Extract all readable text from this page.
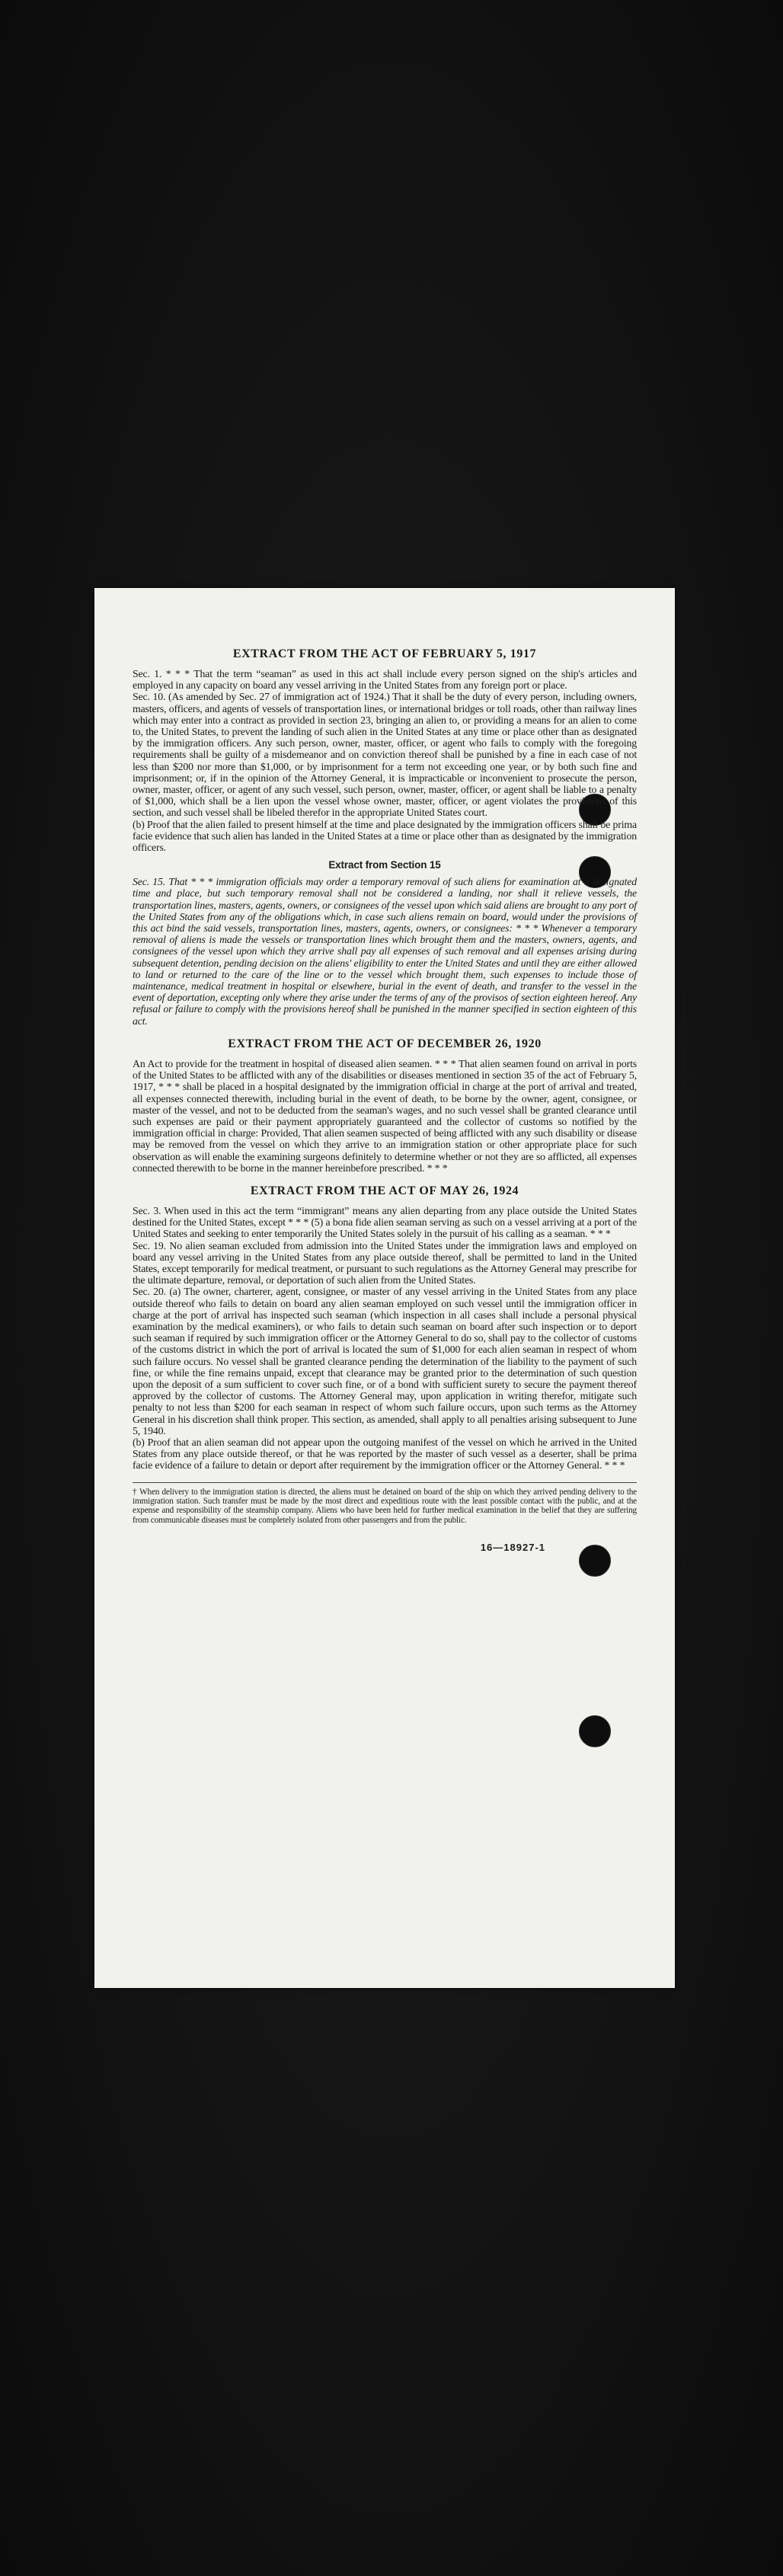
EXTRACT FROM THE ACT OF FEBRUARY 5, 1917

Sec. 1. * * * That the term “seaman” as used in this act shall include every person signed on the ship's articles and employed in any capacity on board any vessel arriving in the United States from any foreign port or place.

Sec. 10. (As amended by Sec. 27 of immigration act of 1924.) That it shall be the duty of every person, including owners, masters, officers, and agents of vessels of transportation lines, or international bridges or toll roads, other than railway lines which may enter into a contract as provided in section 23, bringing an alien to, or providing a means for an alien to come to, the United States, to prevent the landing of such alien in the United States at any time or place other than as designated by the immigration officers. Any such person, owner, master, officer, or agent who fails to comply with the foregoing requirements shall be guilty of a misdemeanor and on conviction thereof shall be punished by a fine in each case of not less than $200 nor more than $1,000, or by imprisonment for a term not exceeding one year, or by both such fine and imprisonment; or, if in the opinion of the Attorney General, it is impracticable or inconvenient to prosecute the person, owner, master, officer, or agent of any such vessel, such person, owner, master, officer, or agent shall be liable to a penalty of $1,000, which shall be a lien upon the vessel whose owner, master, officer, or agent violates the provisions of this section, and such vessel shall be libeled therefor in the appropriate United States court.

(b) Proof that the alien failed to present himself at the time and place designated by the immigration officers shall be prima facie evidence that such alien has landed in the United States at a time or place other than as designated by the immigration officers.

Extract from Section 15

Sec. 15. That * * * immigration officials may order a temporary removal of such aliens for examination at a designated time and place, but such temporary removal shall not be considered a landing, nor shall it relieve vessels, the transportation lines, masters, agents, owners, or consignees of the vessel upon which said aliens are brought to any port of the United States from any of the obligations which, in case such aliens remain on board, would under the provisions of this act bind the said vessels, transportation lines, masters, agents, owners, or consignees: * * * Whenever a temporary removal of aliens is made the vessels or transportation lines which brought them and the masters, owners, agents, and consignees of the vessel upon which they arrive shall pay all expenses of such removal and all expenses arising during subsequent detention, pending decision on the aliens' eligibility to enter the United States and until they are either allowed to land or returned to the care of the line or to the vessel which brought them, such expenses to include those of maintenance, medical treatment in hospital or elsewhere, burial in the event of death, and transfer to the vessel in the event of deportation, excepting only where they arise under the terms of any of the provisos of section eighteen hereof. Any refusal or failure to comply with the provisions hereof shall be punished in the manner specified in section eighteen of this act.

EXTRACT FROM THE ACT OF DECEMBER 26, 1920

An Act to provide for the treatment in hospital of diseased alien seamen. * * * That alien seamen found on arrival in ports of the United States to be afflicted with any of the disabilities or diseases mentioned in section 35 of the act of February 5, 1917, * * * shall be placed in a hospital designated by the immigration official in charge at the port of arrival and treated, all expenses connected therewith, including burial in the event of death, to be borne by the owner, agent, consignee, or master of the vessel, and not to be deducted from the seaman's wages, and no such vessel shall be granted clearance until such expenses are paid or their payment appropriately guaranteed and the collector of customs so notified by the immigration official in charge: Provided, That alien seamen suspected of being afflicted with any such disability or disease may be removed from the vessel on which they arrive to an immigration station or other appropriate place for such observation as will enable the examining surgeons definitely to determine whether or not they are so afflicted, all expenses connected therewith to be borne in the manner hereinbefore prescribed. * * *

EXTRACT FROM THE ACT OF MAY 26, 1924

Sec. 3. When used in this act the term “immigrant” means any alien departing from any place outside the United States destined for the United States, except * * * (5) a bona fide alien seaman serving as such on a vessel arriving at a port of the United States and seeking to enter temporarily the United States solely in the pursuit of his calling as a seaman. * * *

Sec. 19. No alien seaman excluded from admission into the United States under the immigration laws and employed on board any vessel arriving in the United States from any place outside thereof, shall be permitted to land in the United States, except temporarily for medical treatment, or pursuant to such regulations as the Attorney General may prescribe for the ultimate departure, removal, or deportation of such alien from the United States.

Sec. 20. (a) The owner, charterer, agent, consignee, or master of any vessel arriving in the United States from any place outside thereof who fails to detain on board any alien seaman employed on such vessel until the immigration officer in charge at the port of arrival has inspected such seaman (which inspection in all cases shall include a personal physical examination by the medical examiners), or who fails to detain such seaman on board after such inspection or to deport such seaman if required by such immigration officer or the Attorney General to do so, shall pay to the collector of customs of the customs district in which the port of arrival is located the sum of $1,000 for each alien seaman in respect of whom such failure occurs. No vessel shall be granted clearance pending the determination of the liability to the payment of such fine, or while the fine remains unpaid, except that clearance may be granted prior to the determination of such question upon the deposit of a sum sufficient to cover such fine, or of a bond with sufficient surety to secure the payment thereof approved by the collector of customs. The Attorney General may, upon application in writing therefor, mitigate such penalty to not less than $200 for each seaman in respect of whom such failure occurs, upon such terms as the Attorney General in his discretion shall think proper. This section, as amended, shall apply to all penalties arising subsequent to June 5, 1940.

(b) Proof that an alien seaman did not appear upon the outgoing manifest of the vessel on which he arrived in the United States from any place outside thereof, or that he was reported by the master of such vessel as a deserter, shall be prima facie evidence of a failure to detain or deport after requirement by the immigration officer or the Attorney General. * * *

† When delivery to the immigration station is directed, the aliens must be detained on board of the ship on which they arrived pending delivery to the immigration station. Such transfer must be made by the most direct and expeditious route with the least possible contact with the public, and at the expense and responsibility of the steamship company. Aliens who have been held for further medical examination in the belief that they are suffering from communicable diseases must be completely isolated from other passengers and from the public.
16—18927-1
